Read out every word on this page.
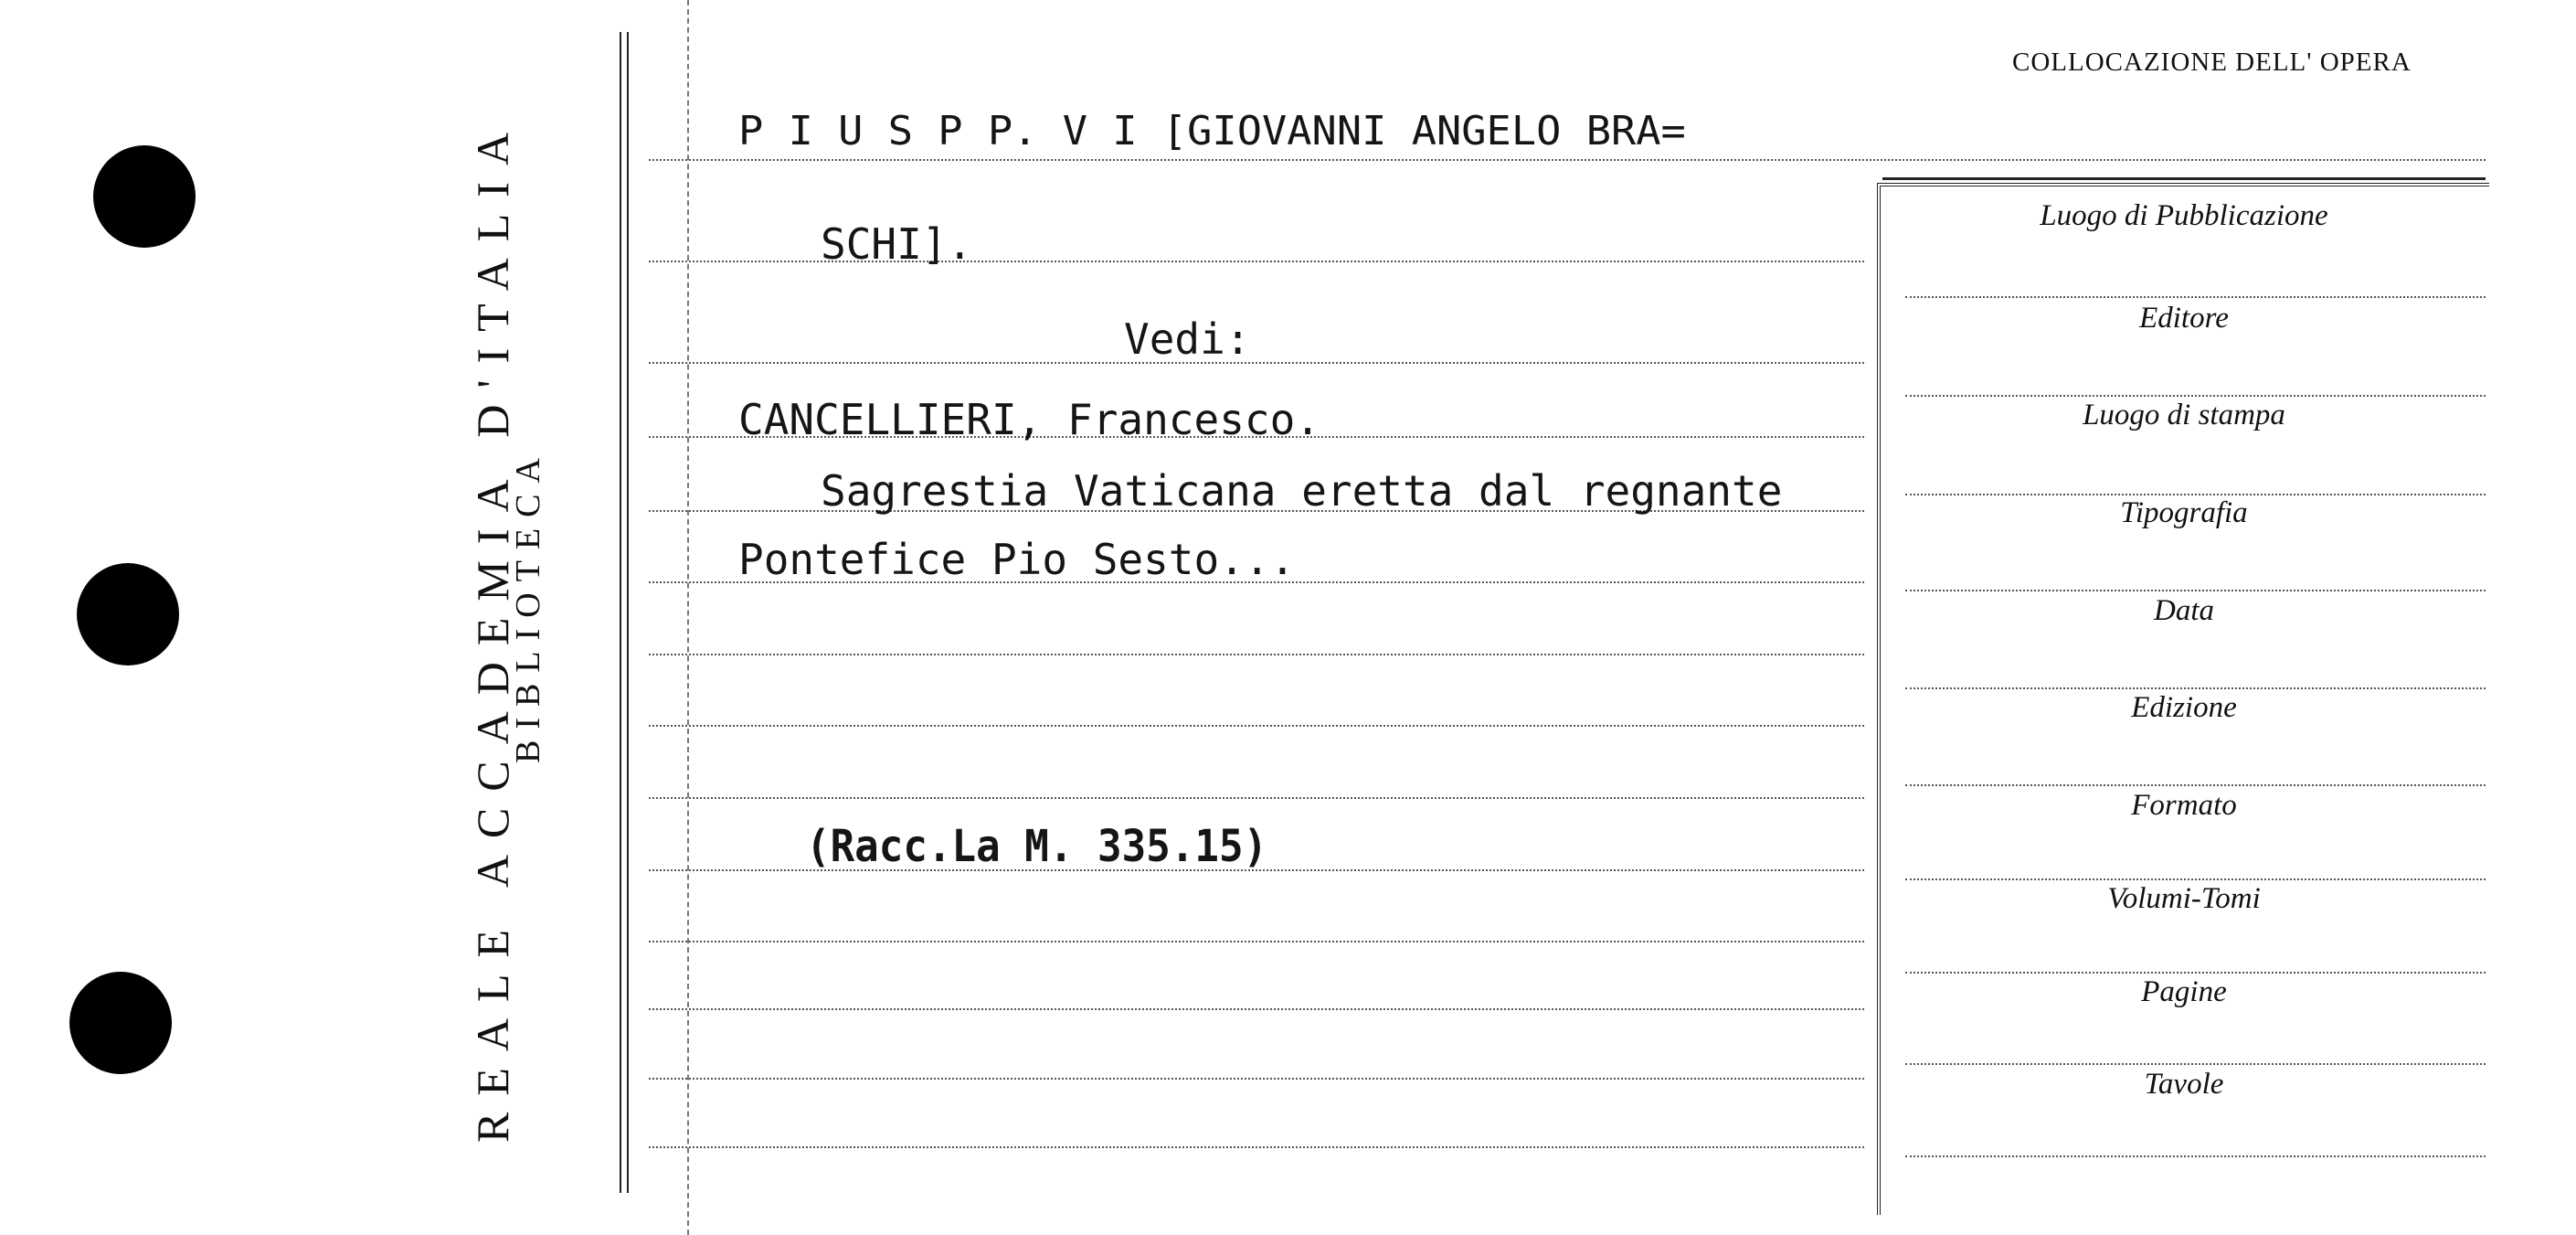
REALE ACCADEMIA D'ITALIA
BIBLIOTECA
P I U S P P. V I [GIOVANNI ANGELO BRA=
SCHI].
Vedi:
CANCELLIERI, Francesco.
Sagrestia Vaticana eretta dal regnante
Pontefice Pio Sesto...
(Racc.La M. 335.15)
COLLOCAZIONE DELL' OPERA
Luogo di Pubblicazione
Editore
Luogo di stampa
Tipografia
Data
Edizione
Formato
Volumi-Tomi
Pagine
Tavole
